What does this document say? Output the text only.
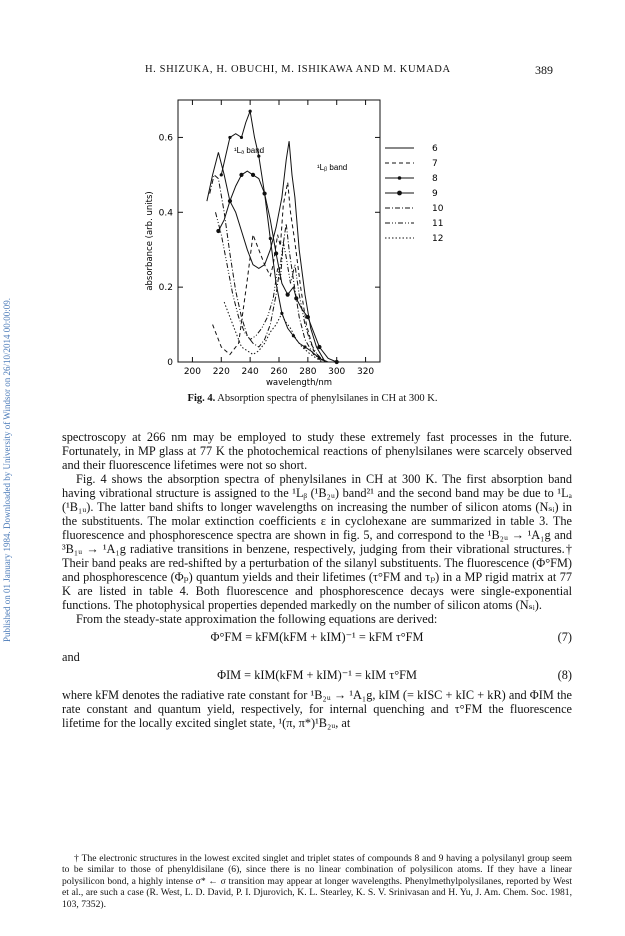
Published on 01 January 1984. Downloaded by University of Windsor on 26/10/2014 00:00:09.
H. SHIZUKA, H. OBUCHI, M. ISHIKAWA AND M. KUMADA	389
200 220 240 260 280 300 320
0
0.2
0.4
0.6
wavelength/nm
absorbance (arb. units)
6
7
8
9
10
11
12
¹Lₐ band
¹Lᵦ band
Fig. 4. Absorption spectra of phenylsilanes in CH at 300 K.

spectroscopy at 266 nm may be employed to study these extremely fast processes in the future. Fortunately, in MP glass at 77 K the photochemical reactions of phenylsilanes were scarcely observed and their fluorescence lifetimes were not so short.

Fig. 4 shows the absorption spectra of phenylsilanes in CH at 300 K. The first absorption band having vibrational structure is assigned to the ¹Lᵦ (¹B₂ᵤ) band²¹ and the second band may be due to ¹Lₐ (¹B₁ᵤ). The latter band shifts to longer wavelengths on increasing the number of silicon atoms (Nₛᵢ) in the substituents. The molar extinction coefficients ε in cyclohexane are summarized in table 3. The fluorescence and phosphorescence spectra are shown in fig. 5, and correspond to the ¹B₂ᵤ → ¹A₁g and ³B₁ᵤ → ¹A₁g radiative transitions in benzene, respectively, judging from their vibrational structures.† Their band peaks are red-shifted by a perturbation of the silanyl substituents. The fluorescence (Φ°FM) and phosphorescence (Φₚ) quantum yields and their lifetimes (τ°FM and τₚ) in a MP rigid matrix at 77 K are listed in table 4. Both fluorescence and phosphorescence decays were single-exponential functions. The photophysical properties depended markedly on the number of silicon atoms (Nₛᵢ).

From the steady-state approximation the following equations are derived:

Φ°FM = kFM(kFM + kIM)⁻¹ = kFM τ°FM	(7)

and

ΦIM = kIM(kFM + kIM)⁻¹ = kIM τ°FM	(8)

where kFM denotes the radiative rate constant for ¹B₂ᵤ → ¹A₁g, kIM (= kISC + kIC + kR) and ΦIM the rate constant and quantum yield, respectively, for internal quenching and τ°FM the fluorescence lifetime for the locally excited singlet state, ¹(π, π*)¹B₂ᵤ, at

† The electronic structures in the lowest excited singlet and triplet states of compounds 8 and 9 having a polysilanyl group seem to be similar to those of phenyldisilane (6), since there is no linear combination of polysilicon atoms. If they have a linear polysilicon bond, a highly intense σ* ← σ transition may appear at longer wavelengths. Phenylmethylpolysilanes, reported by West et al., are such a case (R. West, L. D. David, P. I. Djurovich, K. L. Stearley, K. S. V. Srinivasan and H. Yu, J. Am. Chem. Soc. 1981, 103, 7352).
